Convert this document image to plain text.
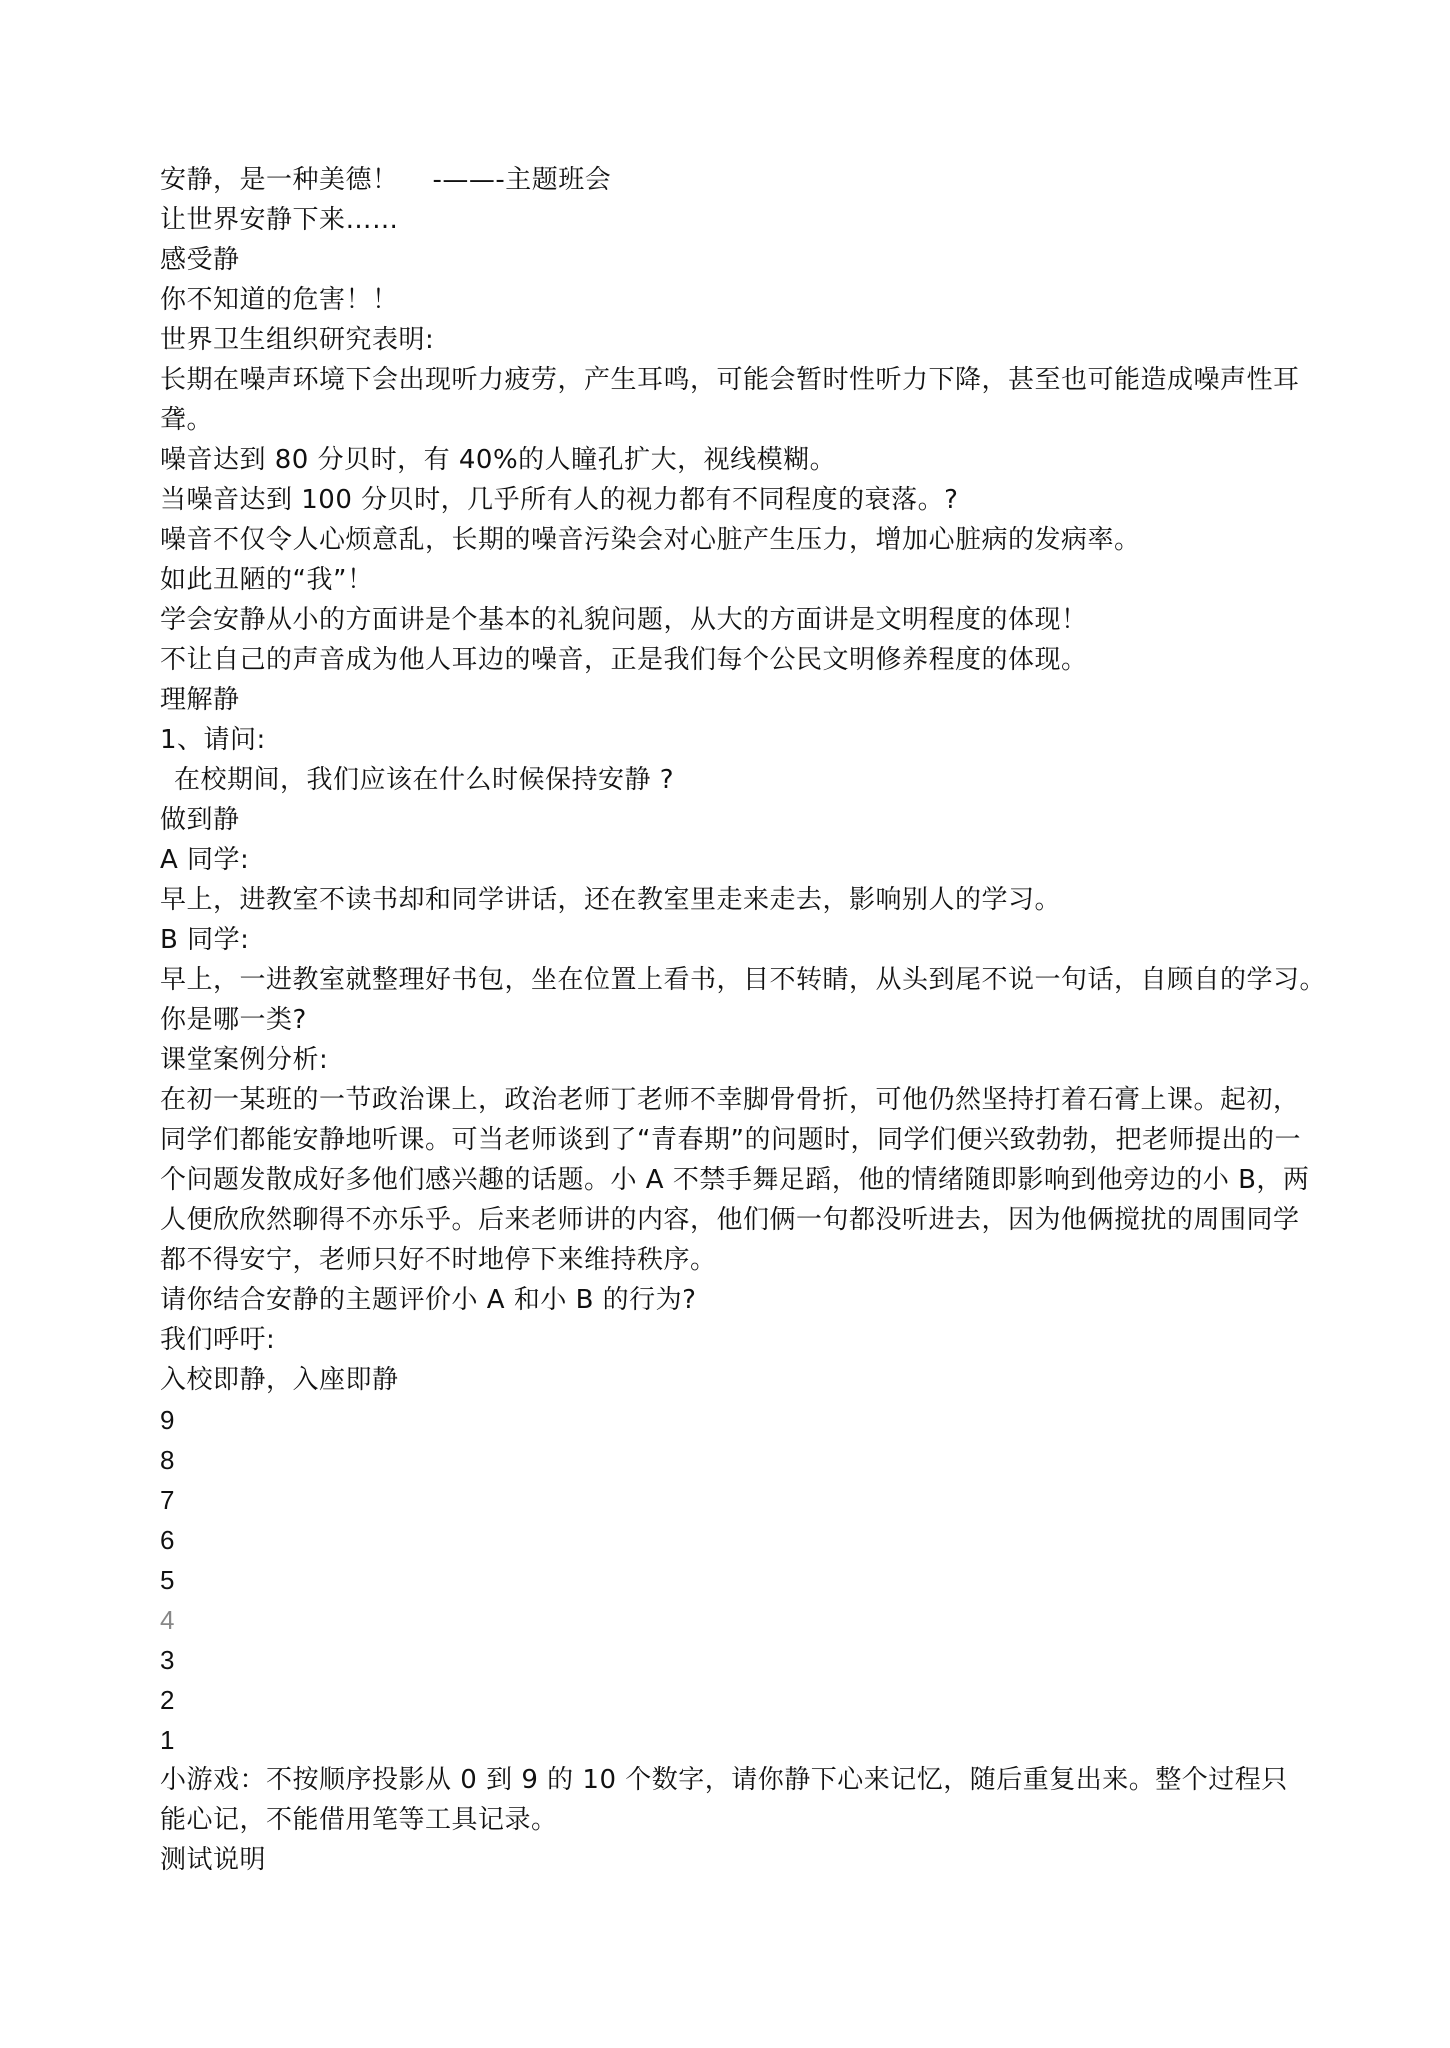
安静，是一种美德！ -——-主题班会
让世界安静下来……
感受静
你不知道的危害！！
世界卫生组织研究表明:
长期在噪声环境下会出现听力疲劳，产生耳鸣，可能会暂时性听力下降，甚至也可能造成噪声性耳聋。
噪音达到 80 分贝时，有 40%的人瞳孔扩大，视线模糊。
当噪音达到 100 分贝时，几乎所有人的视力都有不同程度的衰落。?
噪音不仅令人心烦意乱，长期的噪音污染会对心脏产生压力，增加心脏病的发病率。
如此丑陋的“我”！
学会安静从小的方面讲是个基本的礼貌问题，从大的方面讲是文明程度的体现！
不让自己的声音成为他人耳边的噪音，正是我们每个公民文明修养程度的体现。
理解静
1、请问:
在校期间，我们应该在什么时候保持安静 ?
做到静
A 同学:
早上，进教室不读书却和同学讲话，还在教室里走来走去，影响别人的学习。
B 同学:
早上，一进教室就整理好书包，坐在位置上看书，目不转睛，从头到尾不说一句话，自顾自的学习。
你是哪一类?
课堂案例分析:
在初一某班的一节政治课上，政治老师丁老师不幸脚骨骨折，可他仍然坚持打着石膏上课。起初，同学们都能安静地听课。可当老师谈到了“青春期”的问题时，同学们便兴致勃勃，把老师提出的一个问题发散成好多他们感兴趣的话题。小 A 不禁手舞足蹈，他的情绪随即影响到他旁边的小 B，两人便欣欣然聊得不亦乐乎。后来老师讲的内容，他们俩一句都没听进去，因为他俩搅扰的周围同学都不得安宁，老师只好不时地停下来维持秩序。
请你结合安静的主题评价小 A 和小 B 的行为?
我们呼吁:
入校即静，入座即静
9
8
7
6
5
4
3
2
1
小游戏：不按顺序投影从 0 到 9 的 10 个数字，请你静下心来记忆，随后重复出来。整个过程只能心记，不能借用笔等工具记录。
测试说明
